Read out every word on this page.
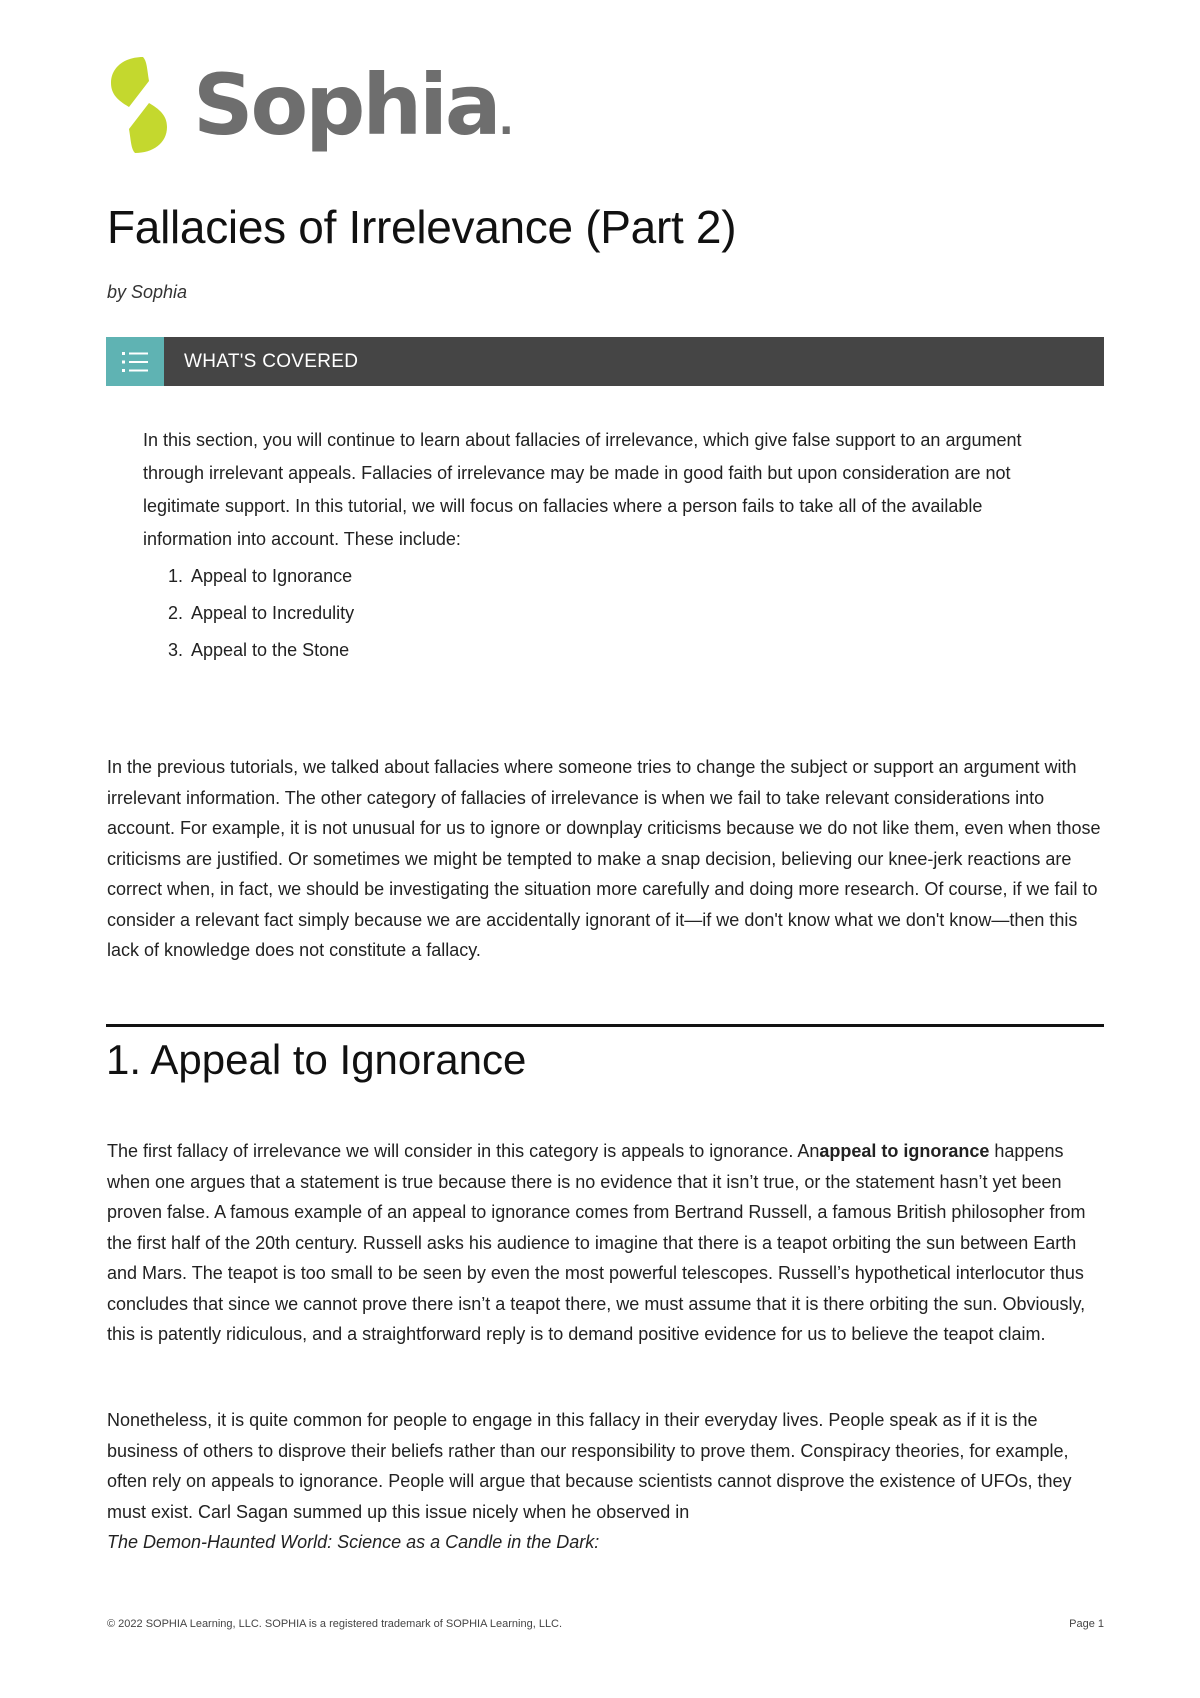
Sophia.
Fallacies of Irrelevance (Part 2)
by Sophia
WHAT'S COVERED

In this section, you will continue to learn about fallacies of irrelevance, which give false support to an argument through irrelevant appeals. Fallacies of irrelevance may be made in good faith but upon consideration are not legitimate support. In this tutorial, we will focus on fallacies where a person fails to take all of the available information into account. These include:

1. Appeal to Ignorance
2. Appeal to Incredulity
3. Appeal to the Stone

In the previous tutorials, we talked about fallacies where someone tries to change the subject or support an argument with irrelevant information. The other category of fallacies of irrelevance is when we fail to take relevant considerations into account. For example, it is not unusual for us to ignore or downplay criticisms because we do not like them, even when those criticisms are justified. Or sometimes we might be tempted to make a snap decision, believing our knee-jerk reactions are correct when, in fact, we should be investigating the situation more carefully and doing more research. Of course, if we fail to consider a relevant fact simply because we are accidentally ignorant of it—if we don't know what we don't know—then this lack of knowledge does not constitute a fallacy.

1. Appeal to Ignorance

The first fallacy of irrelevance we will consider in this category is appeals to ignorance. Anappeal to ignorance happens when one argues that a statement is true because there is no evidence that it isn’t true, or the statement hasn’t yet been proven false. A famous example of an appeal to ignorance comes from Bertrand Russell, a famous British philosopher from the first half of the 20th century. Russell asks his audience to imagine that there is a teapot orbiting the sun between Earth and Mars. The teapot is too small to be seen by even the most powerful telescopes. Russell’s hypothetical interlocutor thus concludes that since we cannot prove there isn’t a teapot there, we must assume that it is there orbiting the sun. Obviously, this is patently ridiculous, and a straightforward reply is to demand positive evidence for us to believe the teapot claim.

Nonetheless, it is quite common for people to engage in this fallacy in their everyday lives. People speak as if it is the business of others to disprove their beliefs rather than our responsibility to prove them. Conspiracy theories, for example, often rely on appeals to ignorance. People will argue that because scientists cannot disprove the existence of UFOs, they must exist. Carl Sagan summed up this issue nicely when he observed in
The Demon-Haunted World: Science as a Candle in the Dark:

© 2022 SOPHIA Learning, LLC. SOPHIA is a registered trademark of SOPHIA Learning, LLC.	Page 1
